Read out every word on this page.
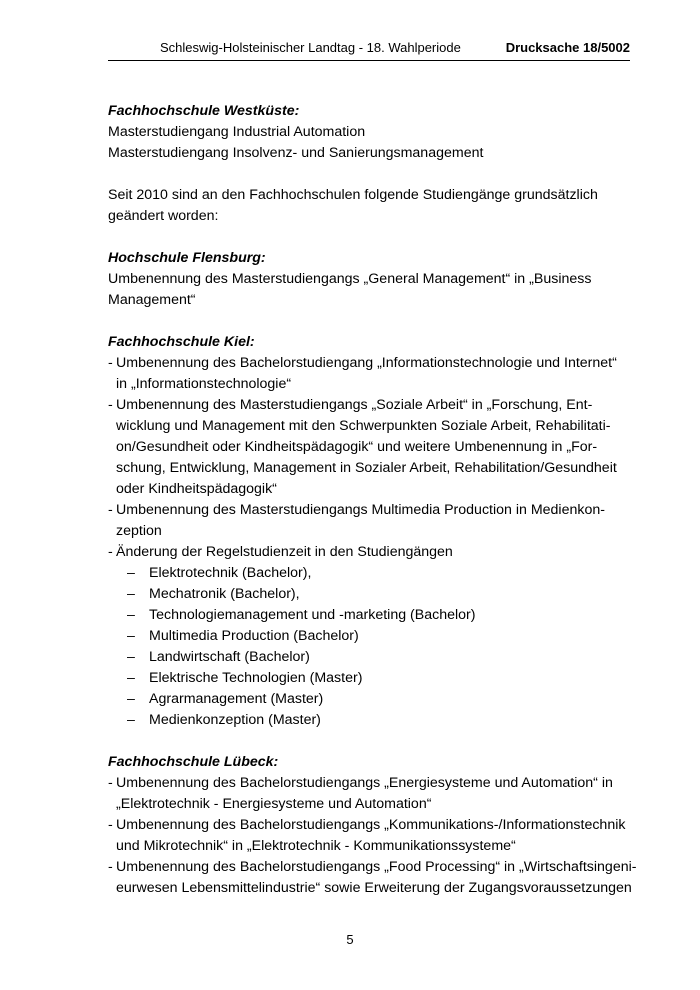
Schleswig-Holsteinischer Landtag - 18. Wahlperiode	Drucksache 18/5002
Fachhochschule Westküste:
Masterstudiengang Industrial Automation
Masterstudiengang Insolvenz- und Sanierungsmanagement
Seit 2010 sind an den Fachhochschulen folgende Studiengänge grundsätzlich
geändert worden:
Hochschule Flensburg:
Umbenennung des Masterstudiengangs „General Management“ in „Business
Management“
Fachhochschule Kiel:
- Umbenennung des Bachelorstudiengang „Informationstechnologie und Internet“
in „Informationstechnologie“
- Umbenennung des Masterstudiengangs „Soziale Arbeit“ in „Forschung, Ent-
wicklung und Management mit den Schwerpunkten Soziale Arbeit, Rehabilitati-
on/Gesundheit oder Kindheitspädagogik“ und weitere Umbenennung in „For-
schung, Entwicklung, Management in Sozialer Arbeit, Rehabilitation/Gesundheit
oder Kindheitspädagogik“
- Umbenennung des Masterstudiengangs Multimedia Production in Medienkon-
zeption
- Änderung der Regelstudienzeit in den Studiengängen
– Elektrotechnik (Bachelor),
– Mechatronik (Bachelor),
– Technologiemanagement und -marketing (Bachelor)
– Multimedia Production (Bachelor)
– Landwirtschaft (Bachelor)
– Elektrische Technologien (Master)
– Agrarmanagement (Master)
– Medienkonzeption (Master)
Fachhochschule Lübeck:
- Umbenennung des Bachelorstudiengangs „Energiesysteme und Automation“ in
„Elektrotechnik - Energiesysteme und Automation“
- Umbenennung des Bachelorstudiengangs „Kommunikations-/Informationstechnik
und Mikrotechnik“ in „Elektrotechnik - Kommunikationssysteme“
- Umbenennung des Bachelorstudiengangs „Food Processing“ in „Wirtschaftsingeni-
eurwesen Lebensmittelindustrie“ sowie Erweiterung der Zugangsvoraussetzungen
5
